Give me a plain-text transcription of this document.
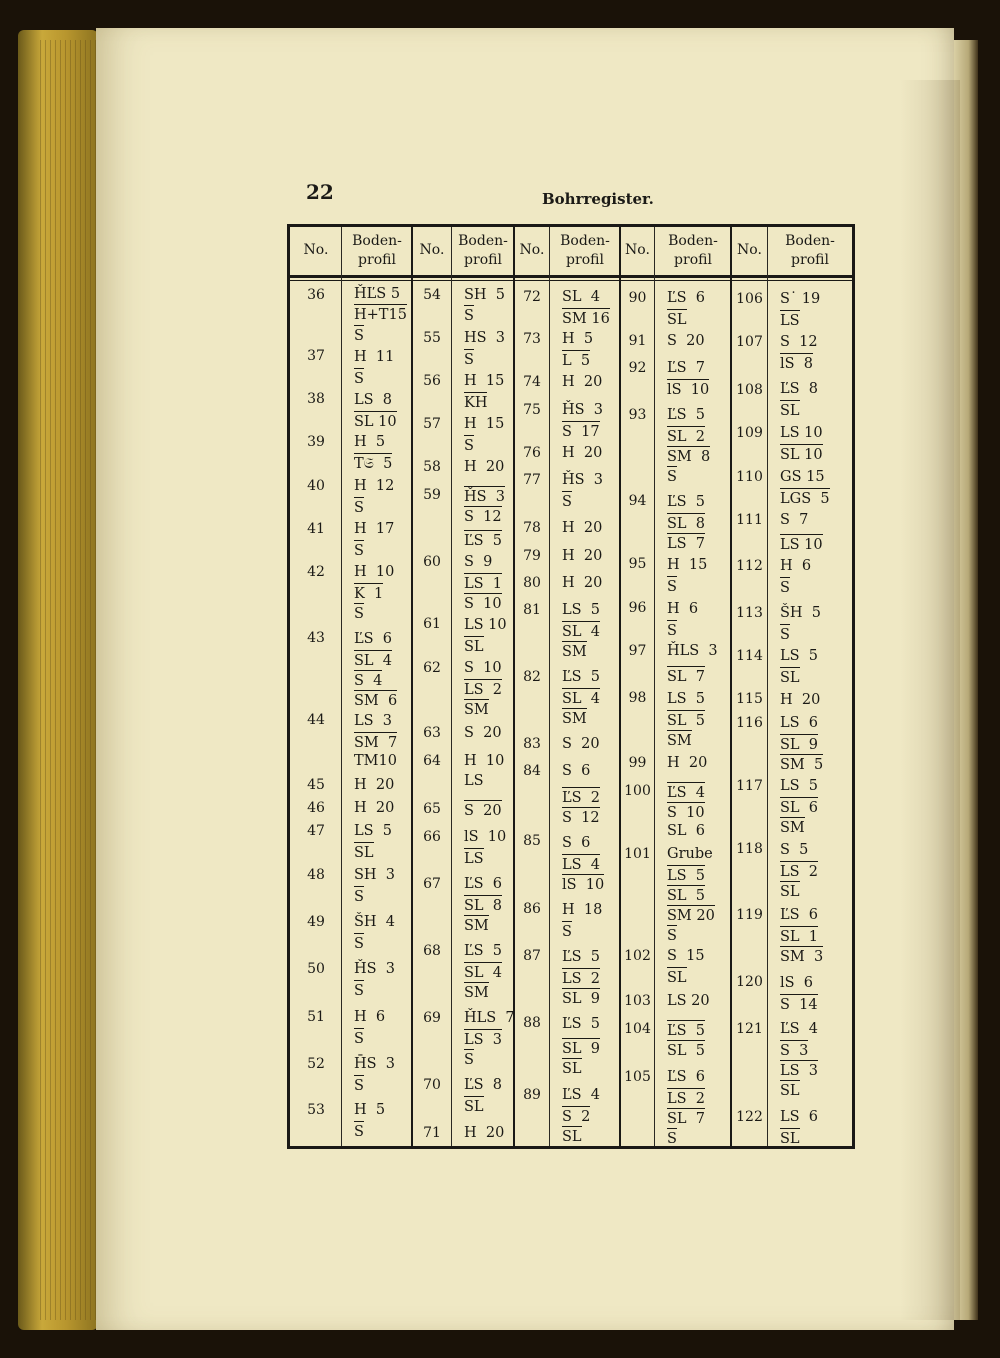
22	Bohrregister.
No.
Boden-
profil
No.
Boden-
profil
No.
Boden-
profil
No.
Boden-
profil
No.
Boden-
profil
36
37
38
39
40
41
42
43
44
45
46
47
48
49
50
51
52
53
ȞĽS 5
H+T15
S
H  11
S
LS  8
SL 10
H  5
T𝔖  5
H  12
S
H  17
S
H  10
K  1
S
ĽS  6
SL  4
S  4
SM  6
LS  3
SM  7
TM10
H  20
H  20
LS  5
SL
SH  3
S
ŠH  4
S
ȞS  3
S
H  6
S
H̄S  3
S
H  5
S
54
55
56
57
58
59
60
61
62
63
64
65
66
67
68
69
70
71
SH  5
S
HS  3
S
H  15
KH
H  15
S
H  20
ȞS  3
S  12
ĽS  5
S  9
LS  1
S  10
LS 10
SL
S  10
LS  2
SM
S  20
H  10
LS
S  20
lS  10
LS
ĽS  6
SL  8
SM
ĽS  5
SL  4
SM
ȞLS  7
LS  3
S
ĽS  8
SL
H  20
72
73
74
75
76
77
78
79
80
81
82
83
84
85
86
87
88
89
SL  4
SM 16
H  5
L  5
H  20
ȞS  3
S  17
H  20
ȞS  3
S
H  20
H  20
H  20
LS  5
SL  4
SM
ĽS  5
SL  4
SM
S  20
S  6
ĽS  2
S  12
S  6
LS  4
lS  10
H  18
S
ĽS  5
LS  2
SL  9
ĽS  5
SL  9
SL
ĽS  4
S  2
SL
90
91
92
93
94
95
96
97
98
99
100
101
102
103
104
105
ĽS  6
SL
S  20
ĽS  7
lS  10
ĽS  5
SL  2
SM  8
S
ĽS  5
SL  8
LS  7
H  15
S
H  6
S
ȞLS  3
SL  7
LS  5
SL  5
SM
H  20
ĽS  4
S  10
SL  6
Grube
LS  5
SL  5
SM 20
S
S  15
SL
LS 20
ĽS  5
SL  5
ĽS  6
LS  2
SL  7
S
106
107
108
109
110
111
112
113
114
115
116
117
118
119
120
121
122
S˙ 19
LS
S  12
lS  8
ĽS  8
SL
LS 10
SL 10
GS 15
LGS  5
S  7
LS 10
H  6
S
ŠH  5
S
LS  5
SL
H  20
LS  6
SL  9
SM  5
LS  5
SL  6
SM
S  5
LS  2
SL
ĽS  6
SL  1
SM  3
lS  6
S  14
ĽS  4
S  3
LS  3
SL
LS  6
SL
